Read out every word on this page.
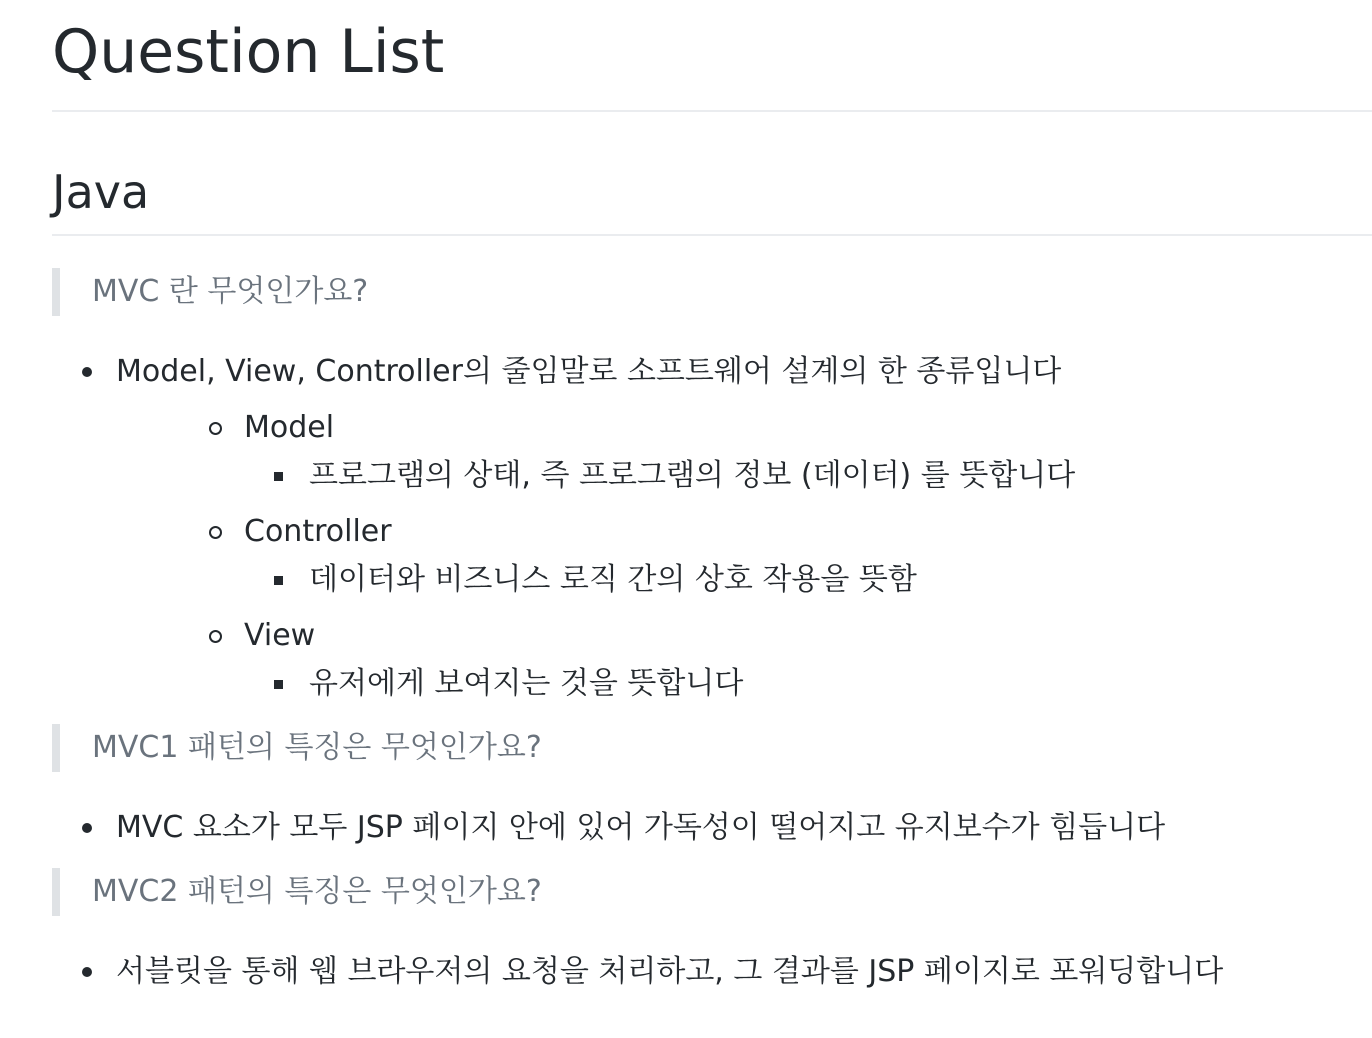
Question List
Java
MVC 란 무엇인가요?
Model, View, Controller의 줄임말로 소프트웨어 설계의 한 종류입니다
Model
프로그램의 상태, 즉 프로그램의 정보 (데이터) 를 뜻합니다
Controller
데이터와 비즈니스 로직 간의 상호 작용을 뜻함
View
유저에게 보여지는 것을 뜻합니다
MVC1 패턴의 특징은 무엇인가요?
MVC 요소가 모두 JSP 페이지 안에 있어 가독성이 떨어지고 유지보수가 힘듭니다
MVC2 패턴의 특징은 무엇인가요?
서블릿을 통해 웹 브라우저의 요청을 처리하고, 그 결과를 JSP 페이지로 포워딩합니다
